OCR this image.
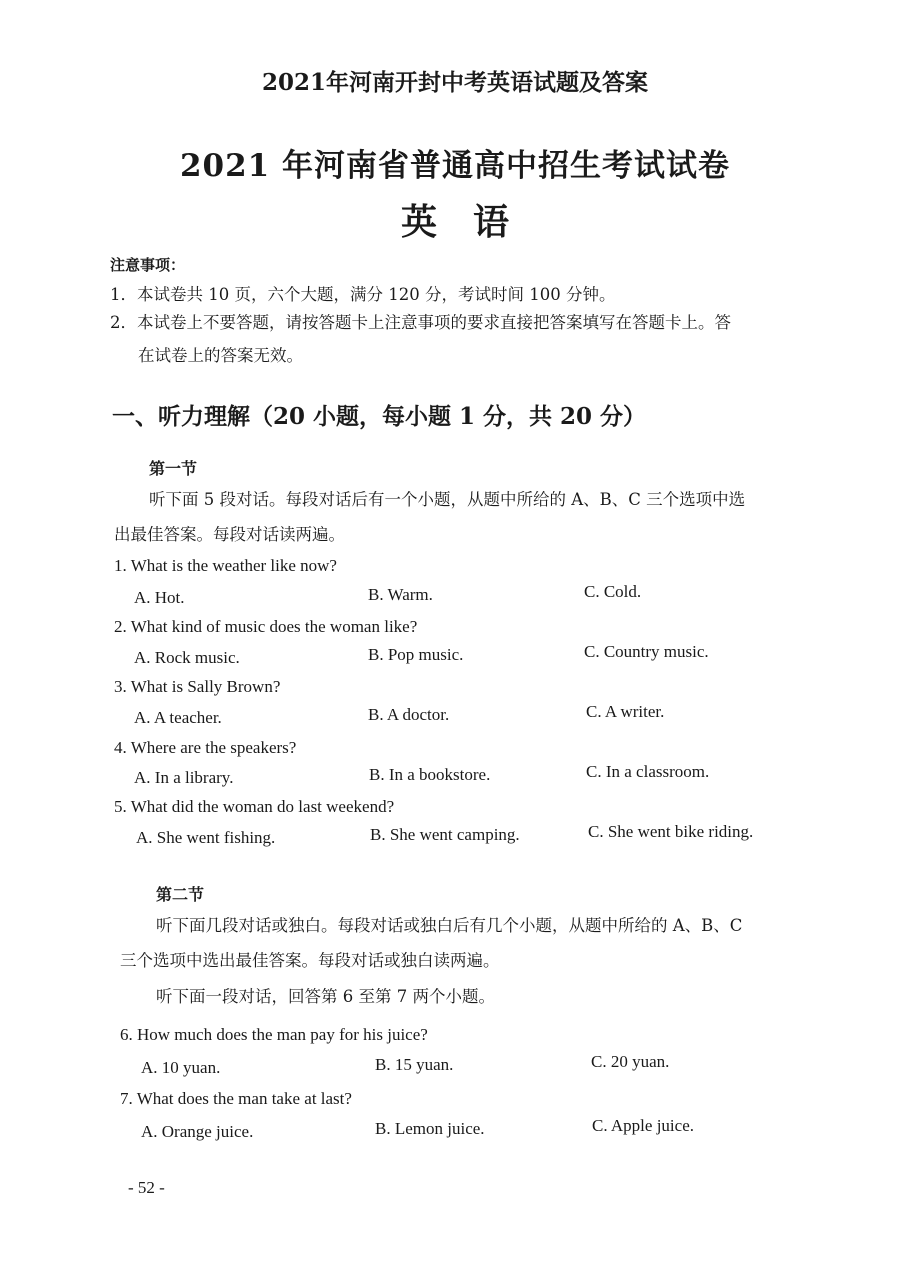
2021年河南开封中考英语试题及答案
2021 年河南省普通高中招生考试试卷
英　语
注意事项：
1．本试卷共 10 页，六个大题，满分 120 分，考试时间 100 分钟。
2．本试卷上不要答题，请按答题卡上注意事项的要求直接把答案填写在答题卡上。答
在试卷上的答案无效。
一、听力理解（20 小题，每小题 1 分，共 20 分）
第一节
听下面 5 段对话。每段对话后有一个小题，从题中所给的 A、B、C 三个选项中选
出最佳答案。每段对话读两遍。
1. What is the weather like now?
A. Hot.	B. Warm.	C. Cold.
2. What kind of music does the woman like?
A. Rock music.	B. Pop music.	C. Country music.
3. What is Sally Brown?
A. A teacher.	B. A doctor.	C. A writer.
4. Where are the speakers?
A. In a library.	B. In a bookstore.	C. In a classroom.
5. What did the woman do last weekend?
A. She went fishing.	B. She went camping.	C. She went bike riding.
第二节
听下面几段对话或独白。每段对话或独白后有几个小题，从题中所给的 A、B、C
三个选项中选出最佳答案。每段对话或独白读两遍。
听下面一段对话，回答第 6 至第 7 两个小题。
6. How much does the man pay for his juice?
A. 10 yuan.	B. 15 yuan.	C. 20 yuan.
7. What does the man take at last?
A. Orange juice.	B. Lemon juice.	C. Apple juice.
- 52 -
